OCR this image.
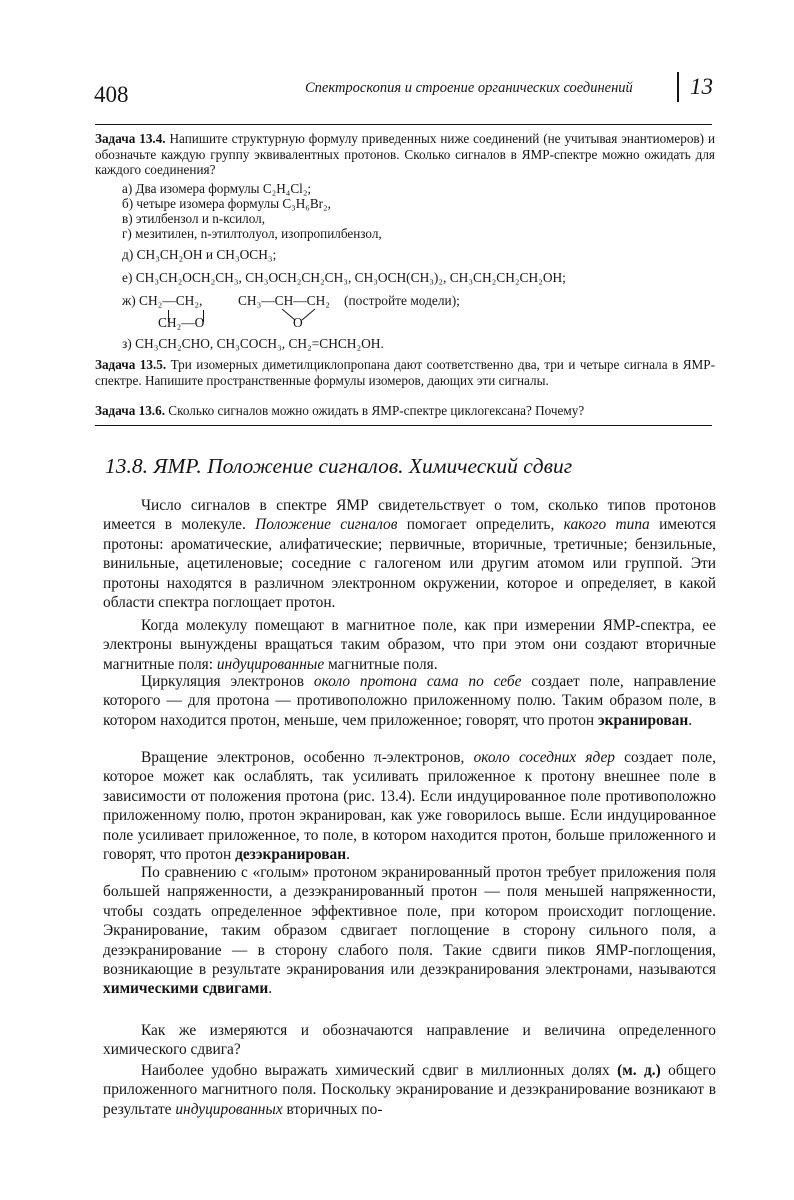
408	Спектроскопия и строение органических соединений 13
Задача 13.4. Напишите структурную формулу приведенных ниже соединений (не учитывая энантиомеров) и обозначьте каждую группу эквивалентных протонов. Сколько сигналов в ЯМР-спектре можно ожидать для каждого соединения?
а) Два изомера формулы C₂H₄Cl₂;
б) четыре изомера формулы C₃H₆Br₂,
в) этилбензол и n-ксилол,
г) мезитилен, n-этилтолуол, изопропилбензол,
д) CH₃CH₂OH и CH₃OCH₃;
е) CH₃CH₂OCH₂CH₃, CH₃OCH₂CH₂CH₃, CH₃OCH(CH₃)₂, CH₃CH₂CH₂CH₂OH;
ж) CH₂—CH₂,
CH₂—O
CH₃—CH—CH₂
O
(постройте модели);
з) CH₃CH₂CHO, CH₃COCH₃, CH₂=CHCH₂OH.
Задача 13.5. Три изомерных диметилциклопропана дают соответственно два, три и четыре сигнала в ЯМР-спектре. Напишите пространственные формулы изомеров, дающих эти сигналы.
Задача 13.6. Сколько сигналов можно ожидать в ЯМР-спектре циклогексана? Почему?
13.8. ЯМР. Положение сигналов. Химический сдвиг
Число сигналов в спектре ЯМР свидетельствует о том, сколько типов протонов имеется в молекуле. Положение сигналов помогает определить, какого типа имеются протоны: ароматические, алифатические; первичные, вторичные, третичные; бензильные, винильные, ацетиленовые; соседние с галогеном или другим атомом или группой. Эти протоны находятся в различном электронном окружении, которое и определяет, в какой области спектра поглощает протон.
Когда молекулу помещают в магнитное поле, как при измерении ЯМР-спектра, ее электроны вынуждены вращаться таким образом, что при этом они создают вторичные магнитные поля: индуцированные магнитные поля.
Циркуляция электронов около протона сама по себе создает поле, направление которого — для протона — противоположно приложенному полю. Таким образом поле, в котором находится протон, меньше, чем приложенное; говорят, что протон экранирован.
Вращение электронов, особенно π-электронов, около соседних ядер создает поле, которое может как ослаблять, так усиливать приложенное к протону внешнее поле в зависимости от положения протона (рис. 13.4). Если индуцированное поле противоположно приложенному полю, протон экранирован, как уже говорилось выше. Если индуцированное поле усиливает приложенное, то поле, в котором находится протон, больше приложенного и говорят, что протон дезэкранирован.
По сравнению с «голым» протоном экранированный протон требует приложения поля большей напряженности, а дезэкранированный протон — поля меньшей напряженности, чтобы создать определенное эффективное поле, при котором происходит поглощение. Экранирование, таким образом сдвигает поглощение в сторону сильного поля, а дезэкранирование — в сторону слабого поля. Такие сдвиги пиков ЯМР-поглощения, возникающие в результате экранирования или дезэкранирования электронами, называются химическими сдвигами.
Как же измеряются и обозначаются направление и величина определенного химического сдвига?
Наиболее удобно выражать химический сдвиг в миллионных долях (м. д.) общего приложенного магнитного поля. Поскольку экранирование и дезэкранирование возникают в результате индуцированных вторичных по-
